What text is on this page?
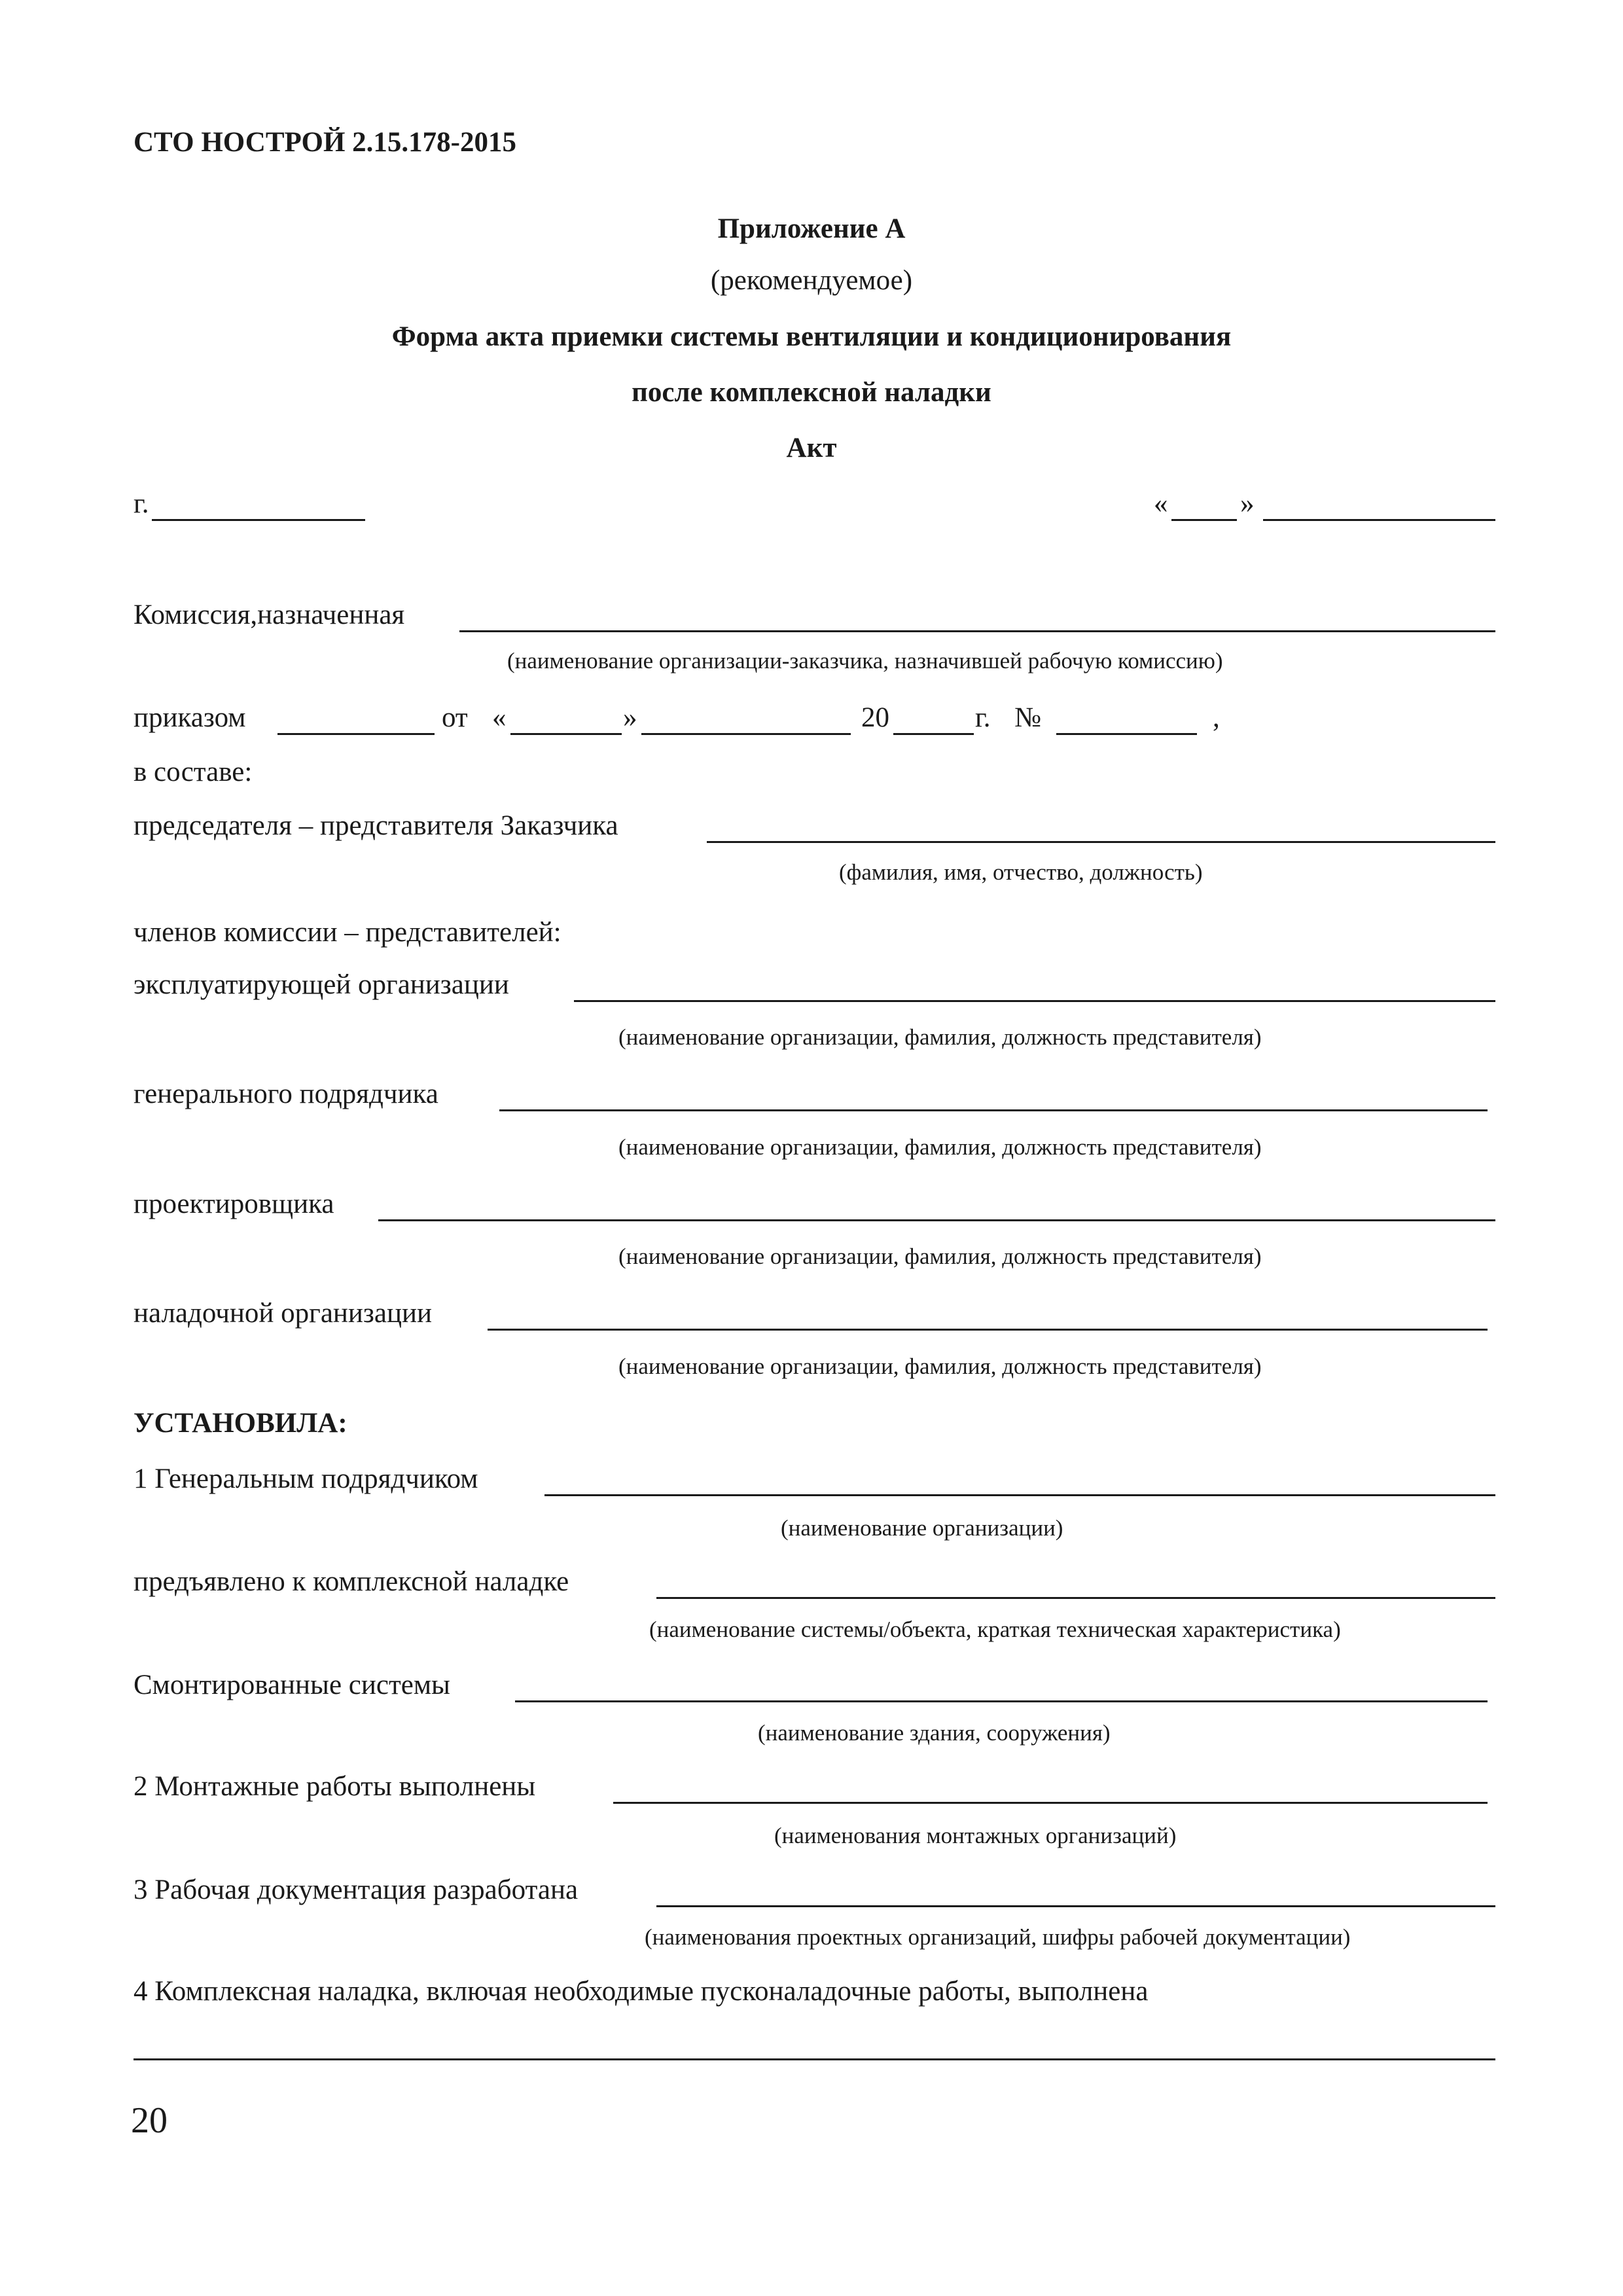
СТО НОСТРОЙ 2.15.178-2015
Приложение А
(рекомендуемое)
Форма акта приемки системы вентиляции и кондиционирования
после комплексной наладки
Акт
г.	«	»
Комиссия,назначенная
(наименование организации-заказчика, назначившей рабочую комиссию)
приказом	от «	»	20	г. №	,
в составе:
председателя – представителя Заказчика
(фамилия, имя, отчество, должность)
членов комиссии – представителей:
эксплуатирующей организации
(наименование организации, фамилия, должность представителя)
генерального подрядчика
(наименование организации, фамилия, должность представителя)
проектировщика
(наименование организации, фамилия, должность представителя)
наладочной организации
(наименование организации, фамилия, должность представителя)
УСТАНОВИЛА:
1 Генеральным подрядчиком
(наименование организации)
предъявлено к комплексной наладке
(наименование системы/объекта, краткая техническая характеристика)
Смонтированные системы
(наименование здания, сооружения)
2 Монтажные работы выполнены
(наименования монтажных организаций)
3 Рабочая документация разработана
(наименования проектных организаций, шифры рабочей документации)
4 Комплексная наладка, включая необходимые пусконаладочные работы, выполнена
20
